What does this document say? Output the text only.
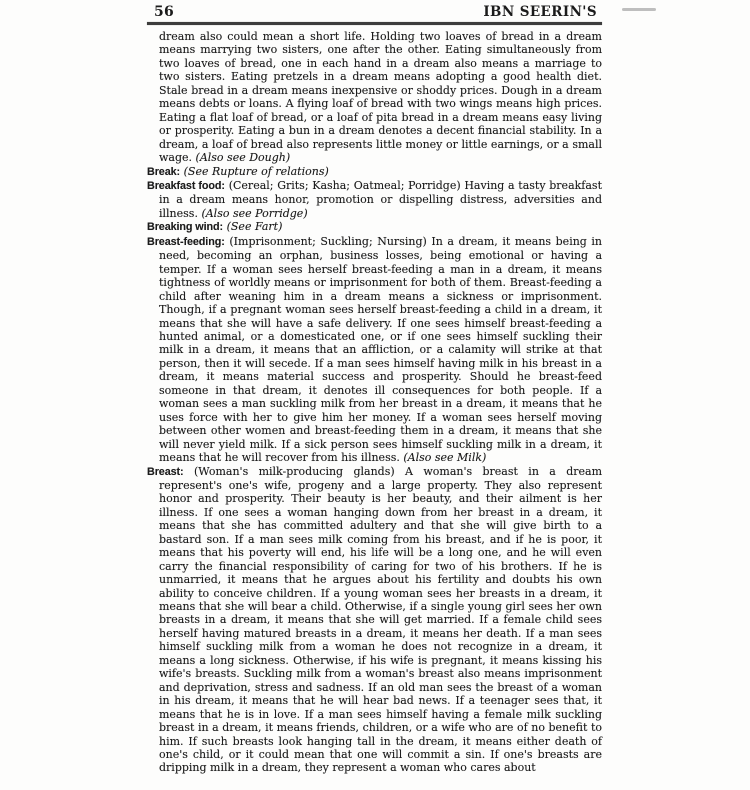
56	IBN SEERIN'S

dream also could mean a short life. Holding two loaves of bread in a dream means marrying two sisters, one after the other. Eating simultaneously from two loaves of bread, one in each hand in a dream also means a marriage to two sisters. Eating pretzels in a dream means adopting a good health diet. Stale bread in a dream means inexpensive or shoddy prices. Dough in a dream means debts or loans. A flying loaf of bread with two wings means high prices. Eating a flat loaf of bread, or a loaf of pita bread in a dream means easy living or prosperity. Eating a bun in a dream denotes a decent financial stability. In a dream, a loaf of bread also represents little money or little earnings, or a small wage. (Also see Dough)

Break: (See Rupture of relations)

Breakfast food: (Cereal; Grits; Kasha; Oatmeal; Porridge) Having a tasty breakfast in a dream means honor, promotion or dispelling distress, adversities and illness. (Also see Porridge)

Breaking wind: (See Fart)

Breast-feeding: (Imprisonment; Suckling; Nursing) In a dream, it means being in need, becoming an orphan, business losses, being emotional or having a temper. If a woman sees herself breast-feeding a man in a dream, it means tightness of worldly means or imprisonment for both of them. Breast-feeding a child after weaning him in a dream means a sickness or imprisonment. Though, if a pregnant woman sees herself breast-feeding a child in a dream, it means that she will have a safe delivery. If one sees himself breast-feeding a hunted animal, or a domesticated one, or if one sees himself suckling their milk in a dream, it means that an affliction, or a calamity will strike at that person, then it will secede. If a man sees himself having milk in his breast in a dream, it means material success and prosperity. Should he breast-feed someone in that dream, it denotes ill consequences for both people. If a woman sees a man suckling milk from her breast in a dream, it means that he uses force with her to give him her money. If a woman sees herself moving between other women and breast-feeding them in a dream, it means that she will never yield milk. If a sick person sees himself suckling milk in a dream, it means that he will recover from his illness. (Also see Milk)

Breast: (Woman's milk-producing glands) A woman's breast in a dream represent's one's wife, progeny and a large property. They also represent honor and prosperity. Their beauty is her beauty, and their ailment is her illness. If one sees a woman hanging down from her breast in a dream, it means that she has committed adultery and that she will give birth to a bastard son. If a man sees milk coming from his breast, and if he is poor, it means that his poverty will end, his life will be a long one, and he will even carry the financial responsibility of caring for two of his brothers. If he is unmarried, it means that he argues about his fertility and doubts his own ability to conceive children. If a young woman sees her breasts in a dream, it means that she will bear a child. Otherwise, if a single young girl sees her own breasts in a dream, it means that she will get married. If a female child sees herself having matured breasts in a dream, it means her death. If a man sees himself suckling milk from a woman he does not recognize in a dream, it means a long sickness. Otherwise, if his wife is pregnant, it means kissing his wife's breasts. Suckling milk from a woman's breast also means imprisonment and deprivation, stress and sadness. If an old man sees the breast of a woman in his dream, it means that he will hear bad news. If a teenager sees that, it means that he is in love. If a man sees himself having a female milk suckling breast in a dream, it means friends, children, or a wife who are of no benefit to him. If such breasts look hanging tall in the dream, it means either death of one's child, or it could mean that one will commit a sin. If one's breasts are dripping milk in a dream, they represent a woman who cares about
